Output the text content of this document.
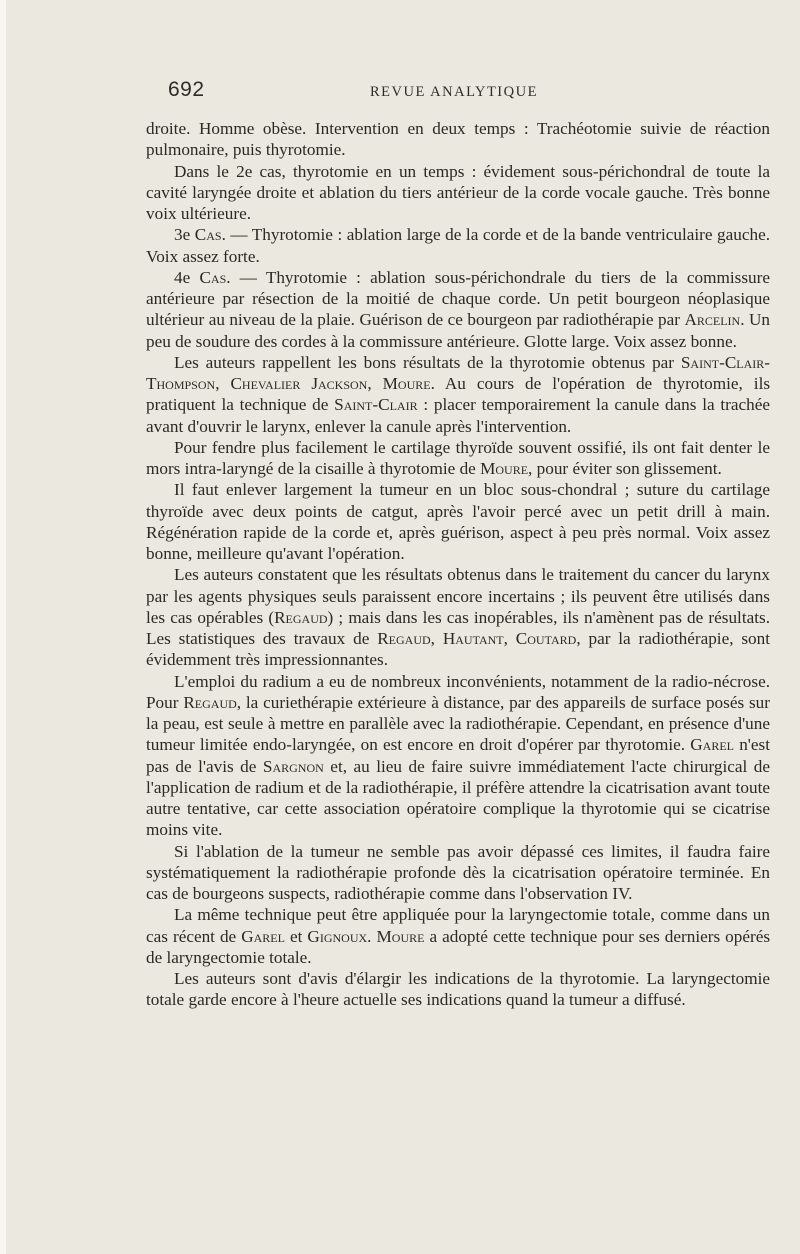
692	REVUE ANALYTIQUE

droite. Homme obèse. Intervention en deux temps : Trachéotomie suivie de réaction pulmonaire, puis thyrotomie.

Dans le 2e cas, thyrotomie en un temps : évidement sous-périchondral de toute la cavité laryngée droite et ablation du tiers antérieur de la corde vocale gauche. Très bonne voix ultérieure.

3e Cas. — Thyrotomie : ablation large de la corde et de la bande ventriculaire gauche. Voix assez forte.

4e Cas. — Thyrotomie : ablation sous-périchondrale du tiers de la commissure antérieure par résection de la moitié de chaque corde. Un petit bourgeon néoplasique ultérieur au niveau de la plaie. Guérison de ce bourgeon par radiothérapie par Arcelin. Un peu de soudure des cordes à la commissure antérieure. Glotte large. Voix assez bonne.

Les auteurs rappellent les bons résultats de la thyrotomie obtenus par Saint-Clair-Thompson, Chevalier Jackson, Moure. Au cours de l'opération de thyrotomie, ils pratiquent la technique de Saint-Clair : placer temporairement la canule dans la trachée avant d'ouvrir le larynx, enlever la canule après l'intervention.

Pour fendre plus facilement le cartilage thyroïde souvent ossifié, ils ont fait denter le mors intra-laryngé de la cisaille à thyrotomie de Moure, pour éviter son glissement.

Il faut enlever largement la tumeur en un bloc sous-chondral ; suture du cartilage thyroïde avec deux points de catgut, après l'avoir percé avec un petit drill à main. Régénération rapide de la corde et, après guérison, aspect à peu près normal. Voix assez bonne, meilleure qu'avant l'opération.

Les auteurs constatent que les résultats obtenus dans le traitement du cancer du larynx par les agents physiques seuls paraissent encore incertains ; ils peuvent être utilisés dans les cas opérables (Regaud) ; mais dans les cas inopérables, ils n'amènent pas de résultats. Les statistiques des travaux de Regaud, Hautant, Coutard, par la radiothérapie, sont évidemment très impressionnantes.

L'emploi du radium a eu de nombreux inconvénients, notamment de la radio-nécrose. Pour Regaud, la curiethérapie extérieure à distance, par des appareils de surface posés sur la peau, est seule à mettre en parallèle avec la radiothérapie. Cependant, en présence d'une tumeur limitée endo-laryngée, on est encore en droit d'opérer par thyrotomie. Garel n'est pas de l'avis de Sargnon et, au lieu de faire suivre immédiatement l'acte chirurgical de l'application de radium et de la radiothérapie, il préfère attendre la cicatrisation avant toute autre tentative, car cette association opératoire complique la thyrotomie qui se cicatrise moins vite.

Si l'ablation de la tumeur ne semble pas avoir dépassé ces limites, il faudra faire systématiquement la radiothérapie profonde dès la cicatrisation opératoire terminée. En cas de bourgeons suspects, radiothérapie comme dans l'observation IV.

La même technique peut être appliquée pour la laryngectomie totale, comme dans un cas récent de Garel et Gignoux. Moure a adopté cette technique pour ses derniers opérés de laryngectomie totale.

Les auteurs sont d'avis d'élargir les indications de la thyrotomie. La laryngectomie totale garde encore à l'heure actuelle ses indications quand la tumeur a diffusé.
